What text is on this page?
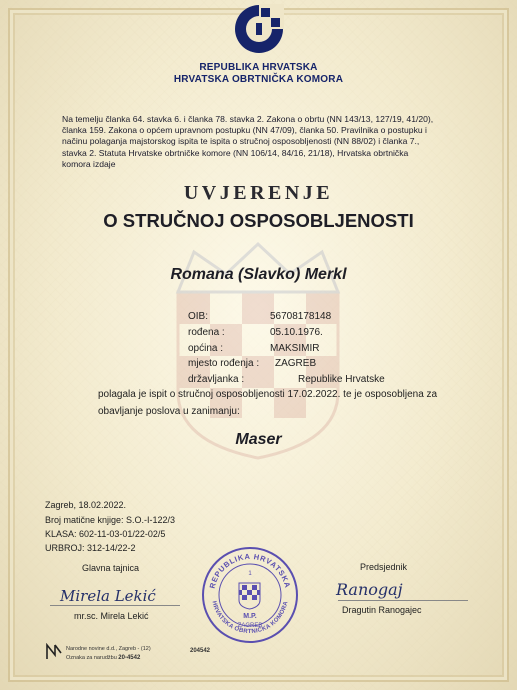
REPUBLIKA HRVATSKA
HRVATSKA OBRTNIČKA KOMORA
Na temelju članka 64. stavka 6. i članka 78. stavka 2. Zakona o obrtu (NN 143/13, 127/19, 41/20),
članka 159. Zakona o općem upravnom postupku (NN 47/09), članka 50. Pravilnika o postupku i
načinu polaganja majstorskog ispita te ispita o stručnoj osposobljenosti (NN 88/02) i članka 7.,
stavka 2. Statuta Hrvatske obrtničke komore (NN 106/14, 84/16, 21/18), Hrvatska obrtnička
komora izdaje
UVJERENJE
O STRUČNOJ OSPOSOBLJENOSTI
Romana (Slavko) Merkl
OIB:	56708178148
rođena :	05.10.1976.
općina :	MAKSIMIR
mjesto rođenja : ZAGREB
državljanka :	Republike Hrvatske
polagala je ispit o stručnoj osposobljenosti 17.02.2022. te je osposobljena za
obavljanje poslova u zanimanju:
Maser
Zagreb, 18.02.2022.
Broj matične knjige: S.O.-I-122/3
KLASA: 602-11-03-01/22-02/5
URBROJ: 312-14/22-2
Glavna tajnica
Mirela Lekić
mr.sc. Mirela Lekić
Predsjednik
Ranogaj
Dragutin Ranogajec
REPUBLIKA HRVATSKA
HRVATSKA OBRTNIČKA KOMORA
1
M.P.
ZAGREB
Narodne novine d.d., Zagreb - (12)
Oznaka za narudžbu 20-4542
204542
